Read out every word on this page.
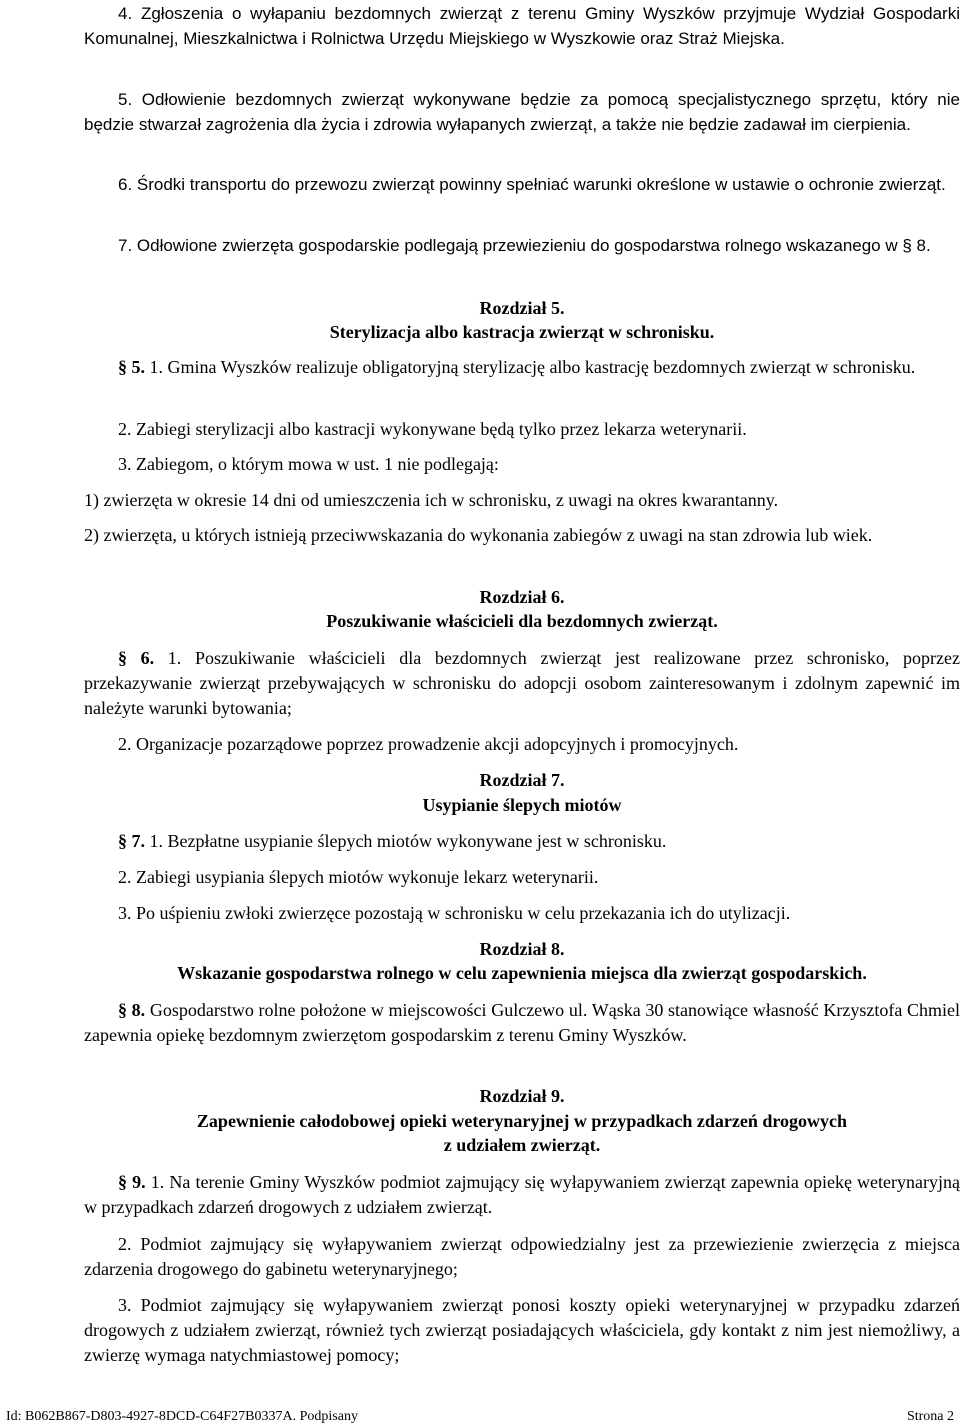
4. Zgłoszenia o wyłapaniu bezdomnych zwierząt z terenu Gminy Wyszków przyjmuje Wydział Gospodarki Komunalnej, Mieszkalnictwa i Rolnictwa Urzędu Miejskiego w Wyszkowie oraz Straż Miejska.

5. Odłowienie bezdomnych zwierząt wykonywane będzie za pomocą specjalistycznego sprzętu, który nie będzie stwarzał zagrożenia dla życia i zdrowia wyłapanych zwierząt, a także nie będzie zadawał im cierpienia.

6. Środki transportu do przewozu zwierząt powinny spełniać warunki określone w ustawie o ochronie zwierząt.

7. Odłowione zwierzęta gospodarskie podlegają przewiezieniu do gospodarstwa rolnego wskazanego w § 8.

Rozdział 5.

Sterylizacja albo kastracja zwierząt w schronisku.

§ 5. 1. Gmina Wyszków realizuje obligatoryjną sterylizację albo kastrację bezdomnych zwierząt w schronisku.

2. Zabiegi sterylizacji albo kastracji wykonywane będą tylko przez lekarza weterynarii.

3. Zabiegom, o którym mowa w ust. 1 nie podlegają:

1) zwierzęta w okresie 14 dni od umieszczenia ich w schronisku, z uwagi na okres kwarantanny.

2) zwierzęta, u których istnieją przeciwwskazania do wykonania zabiegów z uwagi na stan zdrowia lub wiek.

Rozdział 6.

Poszukiwanie właścicieli dla bezdomnych zwierząt.

§ 6. 1. Poszukiwanie właścicieli dla bezdomnych zwierząt jest realizowane przez schronisko, poprzez przekazywanie zwierząt przebywających w schronisku do adopcji osobom zainteresowanym i zdolnym zapewnić im należyte warunki bytowania;

2. Organizacje pozarządowe poprzez prowadzenie akcji adopcyjnych i promocyjnych.

Rozdział 7.

Usypianie ślepych miotów

§ 7. 1. Bezpłatne usypianie ślepych miotów wykonywane jest w schronisku.

2. Zabiegi usypiania ślepych miotów wykonuje lekarz weterynarii.

3. Po uśpieniu zwłoki zwierzęce pozostają w schronisku w celu przekazania ich do utylizacji.

Rozdział 8.

Wskazanie gospodarstwa rolnego w celu zapewnienia miejsca dla zwierząt gospodarskich.

§ 8. Gospodarstwo rolne położone w miejscowości Gulczewo ul. Wąska 30 stanowiące własność Krzysztofa Chmiel zapewnia opiekę bezdomnym zwierzętom gospodarskim z terenu Gminy Wyszków.

Rozdział 9.

Zapewnienie całodobowej opieki weterynaryjnej w przypadkach zdarzeń drogowych

z udziałem zwierząt.

§ 9. 1. Na terenie Gminy Wyszków podmiot zajmujący się wyłapywaniem zwierząt zapewnia opiekę weterynaryjną w przypadkach zdarzeń drogowych z udziałem zwierząt.

2. Podmiot zajmujący się wyłapywaniem zwierząt odpowiedzialny jest za przewiezienie zwierzęcia z miejsca zdarzenia drogowego do gabinetu weterynaryjnego;

3. Podmiot zajmujący się wyłapywaniem zwierząt ponosi koszty opieki weterynaryjnej w przypadku zdarzeń drogowych z udziałem zwierząt, również tych zwierząt posiadających właściciela, gdy kontakt z nim jest niemożliwy, a zwierzę wymaga natychmiastowej pomocy;

Id: B062B867-D803-4927-8DCD-C64F27B0337A. Podpisany	Strona 2
